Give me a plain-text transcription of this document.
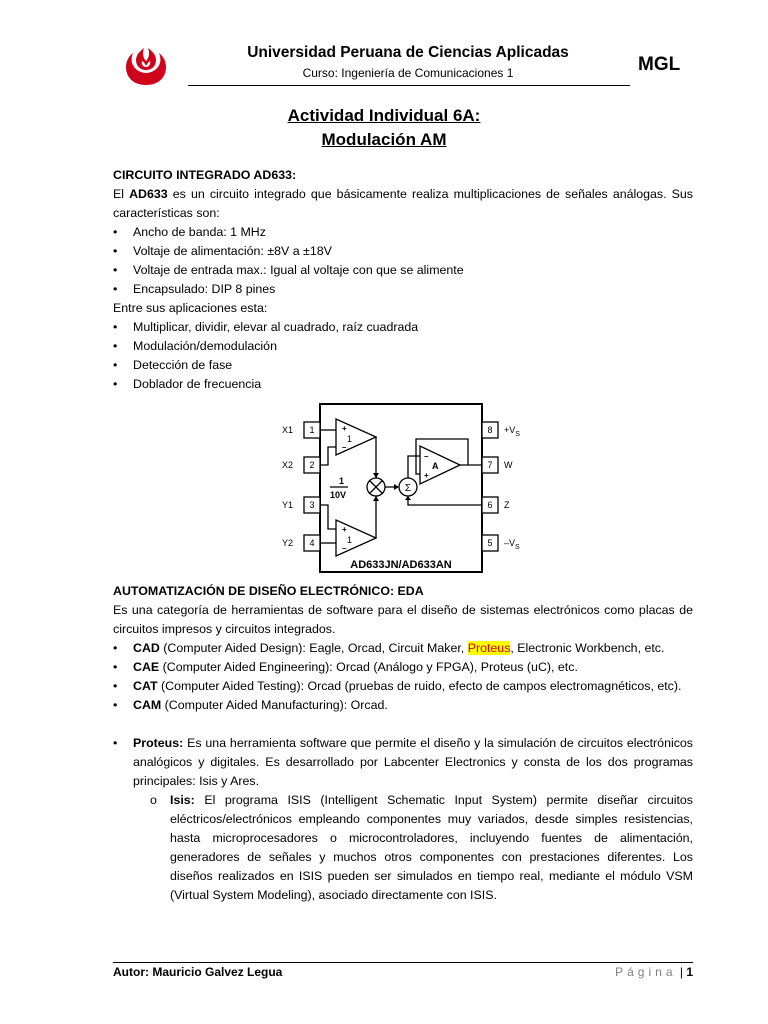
Universidad Peruana de Ciencias Aplicadas
Curso: Ingeniería de Comunicaciones 1	MGL
Actividad Individual 6A:
Modulación AM

CIRCUITO INTEGRADO AD633:

El AD633 es un circuito integrado que básicamente realiza multiplicaciones de señales análogas. Sus características son:

• Ancho de banda: 1 MHz
• Voltaje de alimentación: ±8V a ±18V
• Voltaje de entrada max.: Igual al voltaje con que se alimente
• Encapsulado: DIP 8 pines

Entre sus aplicaciones esta:

• Multiplicar, dividir, elevar al cuadrado, raíz cuadrada
• Modulación/demodulación
• Detección de fase
• Doblador de frecuencia
1
2
3
4
8
7
6
5
X1
X2
Y1
Y2
$+V_S$
W
Z
$-V_S$
+
–
1
+
–
1
1
10V
Σ
–
+
A
AD633JN/AD633AN

AUTOMATIZACIÓN DE DISEÑO ELECTRÓNICO: EDA

Es una categoría de herramientas de software para el diseño de sistemas electrónicos como placas de circuitos impresos y circuitos integrados.

• CAD (Computer Aided Design): Eagle, Orcad, Circuit Maker, Proteus, Electronic Workbench, etc.
• CAE (Computer Aided Engineering): Orcad (Análogo y FPGA), Proteus (uC), etc.
• CAT (Computer Aided Testing): Orcad (pruebas de ruido, efecto de campos electromagnéticos, etc).
• CAM (Computer Aided Manufacturing): Orcad.
• Proteus: Es una herramienta software que permite el diseño y la simulación de circuitos electrónicos analógicos y digitales. Es desarrollado por Labcenter Electronics y consta de los dos programas principales: Isis y Ares.
o Isis: El programa ISIS (Intelligent Schematic Input System) permite diseñar circuitos eléctricos/electrónicos empleando componentes muy variados, desde simples resistencias, hasta microprocesadores o microcontroladores, incluyendo fuentes de alimentación, generadores de señales y muchos otros componentes con prestaciones diferentes. Los diseños realizados en ISIS pueden ser simulados en tiempo real, mediante el módulo VSM (Virtual System Modeling), asociado directamente con ISIS.
Autor: Mauricio Galvez Legua	Página | 1
